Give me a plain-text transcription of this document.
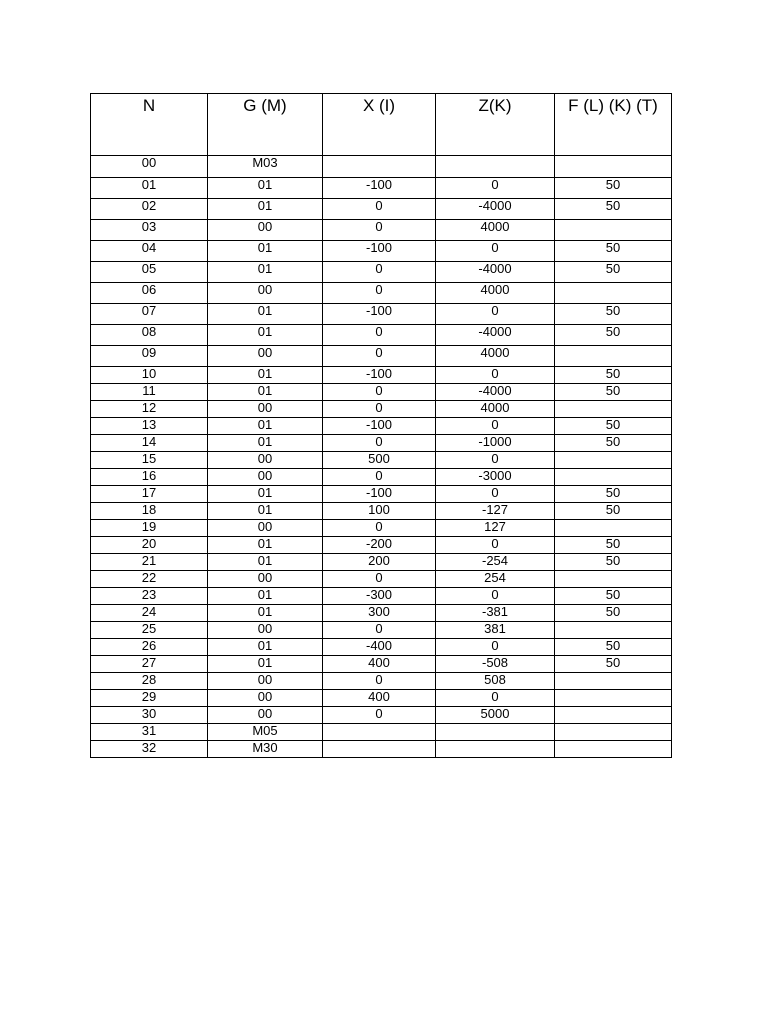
N	G (M)	X (I)	Z(K)	F (L) (K) (T)
00	M03			
01	01	-100	0	50
02	01	0	-4000	50
03	00	0	4000	
04	01	-100	0	50
05	01	0	-4000	50
06	00	0	4000	
07	01	-100	0	50
08	01	0	-4000	50
09	00	0	4000	
10	01	-100	0	50
11	01	0	-4000	50
12	00	0	4000	
13	01	-100	0	50
14	01	0	-1000	50
15	00	500	0	
16	00	0	-3000	
17	01	-100	0	50
18	01	100	-127	50
19	00	0	127	
20	01	-200	0	50
21	01	200	-254	50
22	00	0	254	
23	01	-300	0	50
24	01	300	-381	50
25	00	0	381	
26	01	-400	0	50
27	01	400	-508	50
28	00	0	508	
29	00	400	0	
30	00	0	5000	
31	M05			
32	M30			
